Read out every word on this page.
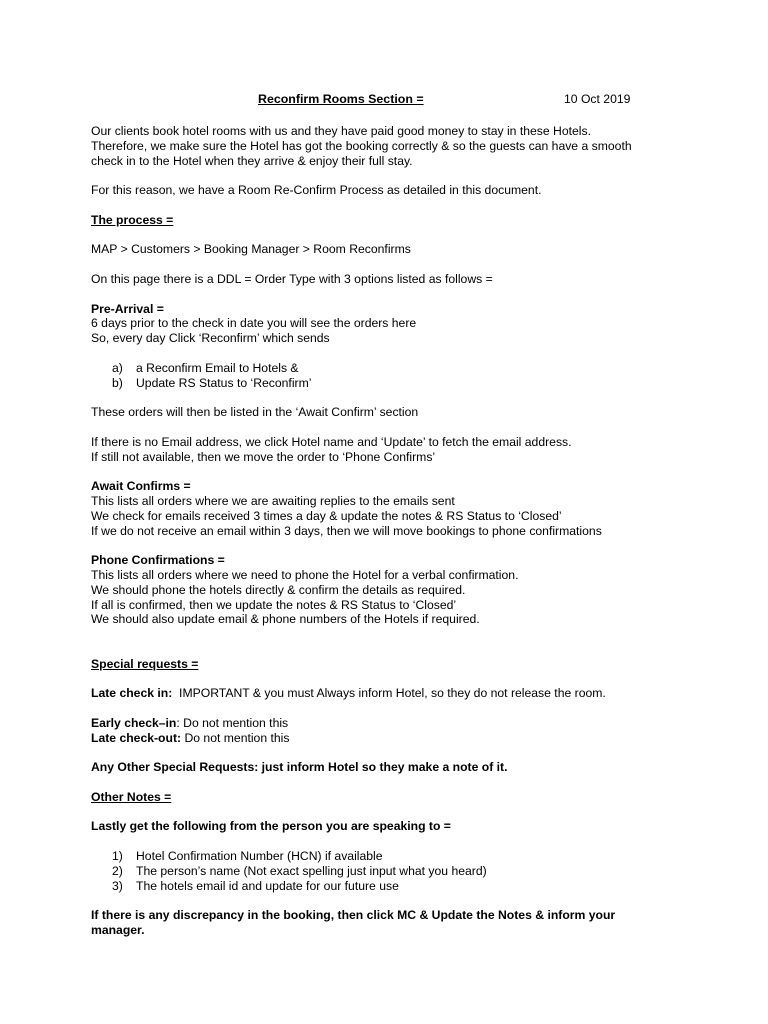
Reconfirm Rooms Section =	10 Oct 2019

Our clients book hotel rooms with us and they have paid good money to stay in these Hotels.
Therefore, we make sure the Hotel has got the booking correctly & so the guests can have a smooth
check in to the Hotel when they arrive & enjoy their full stay.

For this reason, we have a Room Re-Confirm Process as detailed in this document.

The process =

MAP > Customers > Booking Manager > Room Reconfirms

On this page there is a DDL = Order Type with 3 options listed as follows =

Pre-Arrival =
6 days prior to the check in date you will see the orders here
So, every day Click ‘Reconfirm’ which sends

a) a Reconfirm Email to Hotels &
b) Update RS Status to ‘Reconfirm’

These orders will then be listed in the ‘Await Confirm’ section

If there is no Email address, we click Hotel name and ‘Update’ to fetch the email address.
If still not available, then we move the order to ‘Phone Confirms’

Await Confirms =
This lists all orders where we are awaiting replies to the emails sent
We check for emails received 3 times a day & update the notes & RS Status to ‘Closed’
If we do not receive an email within 3 days, then we will move bookings to phone confirmations

Phone Confirmations =
This lists all orders where we need to phone the Hotel for a verbal confirmation.
We should phone the hotels directly & confirm the details as required.
If all is confirmed, then we update the notes & RS Status to ‘Closed’
We should also update email & phone numbers of the Hotels if required.

Special requests =

Late check in:  IMPORTANT & you must Always inform Hotel, so they do not release the room.

Early check–in: Do not mention this
Late check-out: Do not mention this

Any Other Special Requests: just inform Hotel so they make a note of it.

Other Notes =

Lastly get the following from the person you are speaking to =

1) Hotel Confirmation Number (HCN) if available
2) The person’s name (Not exact spelling just input what you heard)
3) The hotels email id and update for our future use

If there is any discrepancy in the booking, then click MC & Update the Notes & inform your
manager.
